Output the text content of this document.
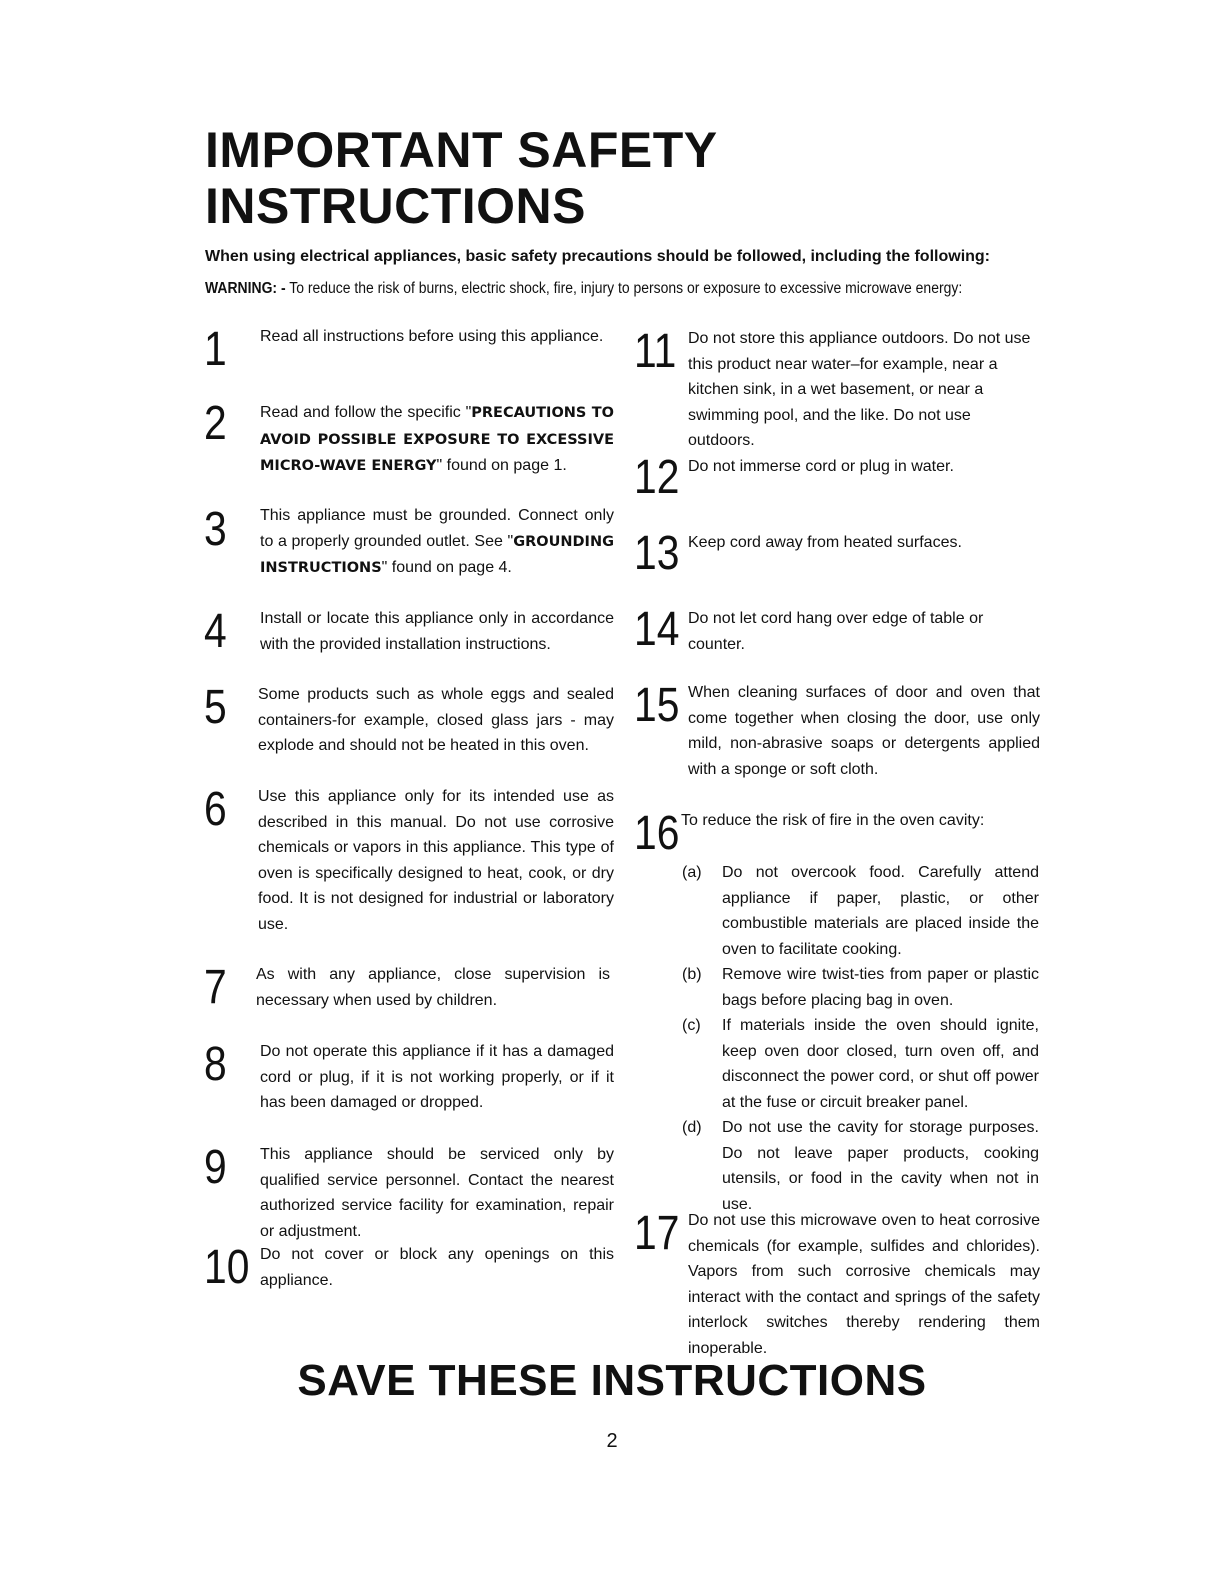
IMPORTANT SAFETY
INSTRUCTIONS

When using electrical appliances, basic safety precautions should be followed, including the following:

WARNING: - To reduce the risk of burns, electric shock, fire, injury to persons or exposure to excessive microwave energy:

1 Read all instructions before using this appliance.
2 Read and follow the specific "PRECAUTIONS TO AVOID POSSIBLE EXPOSURE TO EXCESSIVE MICRO-WAVE ENERGY" found on page 1.
3 This appliance must be grounded. Connect only to a properly grounded outlet. See "GROUNDING INSTRUCTIONS" found on page 4.
4 Install or locate this appliance only in accordance with the provided installation instructions.
5 Some products such as whole eggs and sealed containers-for example, closed glass jars - may explode and should not be heated in this oven.
6 Use this appliance only for its intended use as described in this manual. Do not use corrosive chemicals or vapors in this appliance. This type of oven is specifically designed to heat, cook, or dry food. It is not designed for industrial or laboratory use.
7 As with any appliance, close supervision is necessary when used by children.
8 Do not operate this appliance if it has a damaged cord or plug, if it is not working properly, or if it has been damaged or dropped.
9 This appliance should be serviced only by qualified service personnel. Contact the nearest authorized service facility for examination, repair or adjustment.
10 Do not cover or block any openings on this appliance.
11 Do not store this appliance outdoors. Do not use this product near water–for example, near a kitchen sink, in a wet basement, or near a swimming pool, and the like. Do not use outdoors.
12 Do not immerse cord or plug in water.
13 Keep cord away from heated surfaces.
14 Do not let cord hang over edge of table or counter.
15 When cleaning surfaces of door and oven that come together when closing the door, use only mild, non-abrasive soaps or detergents applied with a sponge or soft cloth.
16 To reduce the risk of fire in the oven cavity:
(a) Do not overcook food. Carefully attend appliance if paper, plastic, or other combustible materials are placed inside the oven to facilitate cooking.
(b) Remove wire twist-ties from paper or plastic bags before placing bag in oven.
(c) If materials inside the oven should ignite, keep oven door closed, turn oven off, and disconnect the power cord, or shut off power at the fuse or circuit breaker panel.
(d) Do not use the cavity for storage purposes. Do not leave paper products, cooking utensils, or food in the cavity when not in use.
17 Do not use this microwave oven to heat corrosive chemicals (for example, sulfides and chlorides). Vapors from such corrosive chemicals may interact with the contact and springs of the safety interlock switches thereby rendering them inoperable.
SAVE THESE INSTRUCTIONS

2
